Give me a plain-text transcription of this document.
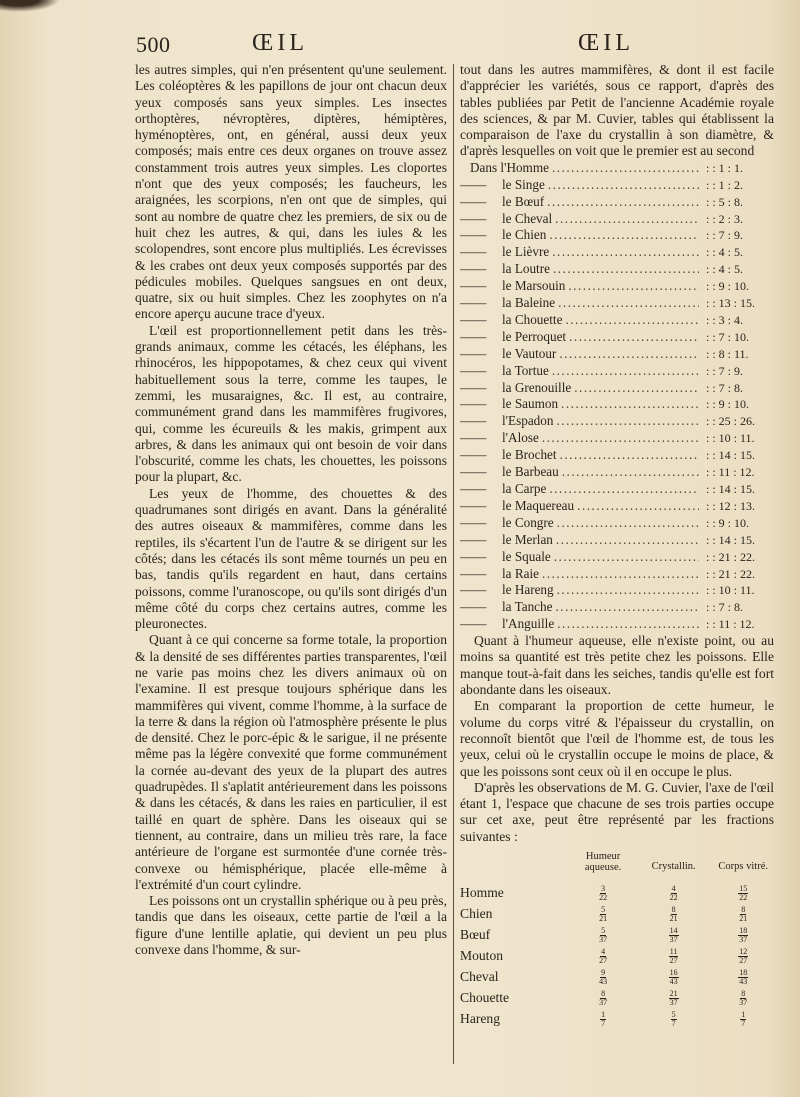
500	ŒIL	ŒIL

les autres simples, qui n'en présentent qu'une seulement. Les coléoptères & les papillons de jour ont chacun deux yeux composés sans yeux simples. Les insectes orthoptères, névroptères, diptères, hémiptères, hyménoptères, ont, en général, aussi deux yeux composés; mais entre ces deux organes on trouve assez constamment trois autres yeux simples. Les cloportes n'ont que des yeux composés; les faucheurs, les araignées, les scorpions, n'en ont que de simples, qui sont au nombre de quatre chez les premiers, de six ou de huit chez les autres, & qui, dans les iules & les scolopendres, sont encore plus multipliés. Les écrevisses & les crabes ont deux yeux composés supportés par des pédicules mobiles. Quelques sangsues en ont deux, quatre, six ou huit simples. Chez les zoophytes on n'a encore aperçu aucune trace d'yeux.

L'œil est proportionnellement petit dans les très-grands animaux, comme les cétacés, les éléphans, les rhinocéros, les hippopotames, & chez ceux qui vivent habituellement sous la terre, comme les taupes, le zemmi, les musaraignes, &c. Il est, au contraire, communément grand dans les mammifères frugivores, qui, comme les écureuils & les makis, grimpent aux arbres, & dans les animaux qui ont besoin de voir dans l'obscurité, comme les chats, les chouettes, les poissons pour la plupart, &c.

Les yeux de l'homme, des chouettes & des quadrumanes sont dirigés en avant. Dans la généralité des autres oiseaux & mammifères, comme dans les reptiles, ils s'écartent l'un de l'autre & se dirigent sur les côtés; dans les cétacés ils sont même tournés un peu en bas, tandis qu'ils regardent en haut, dans certains poissons, comme l'uranoscope, ou qu'ils sont dirigés d'un même côté du corps chez certains autres, comme les pleuronectes.

Quant à ce qui concerne sa forme totale, la proportion & la densité de ses différentes parties transparentes, l'œil ne varie pas moins chez les divers animaux où on l'examine. Il est presque toujours sphérique dans les mammifères qui vivent, comme l'homme, à la surface de la terre & dans la région où l'atmosphère présente le plus de densité. Chez le porc-épic & le sarigue, il ne présente même pas la légère convexité que forme communément la cornée au-devant des yeux de la plupart des autres quadrupèdes. Il s'aplatit antérieurement dans les poissons & dans les cétacés, & dans les raies en particulier, il est taillé en quart de sphère. Dans les oiseaux qui se tiennent, au contraire, dans un milieu très rare, la face antérieure de l'organe est surmontée d'une cornée très-convexe ou hémisphérique, placée elle-même à l'extrémité d'un court cylindre.

Les poissons ont un crystallin sphérique ou à peu près, tandis que dans les oiseaux, cette partie de l'œil a la figure d'une lentille aplatie, qui devient un peu plus convexe dans l'homme, & sur-

tout dans les autres mammifères, & dont il est facile d'apprécier les variétés, sous ce rapport, d'après des tables publiées par Petit de l'ancienne Académie royale des sciences, & par M. Cuvier, tables qui établissent la comparaison de l'axe du crystallin à son diamètre, & d'après lesquelles on voit que le premier est au second

Dans l'Homme .....	: : 1 : 1.
——	le Singe .....	: : 1 : 2.
——	le Bœuf .....	: : 5 : 8.
——	le Cheval .....	: : 2 : 3.
——	le Chien .....	: : 7 : 9.
——	le Lièvre .....	: : 4 : 5.
——	la Loutre .....	: : 4 : 5.
——	le Marsouin .....	: : 9 : 10.
——	la Baleine .....	: : 13 : 15.
——	la Chouette .....	: : 3 : 4.
——	le Perroquet .....	: : 7 : 10.
——	le Vautour .....	: : 8 : 11.
——	la Tortue .....	: : 7 : 9.
——	la Grenouille .....	: : 7 : 8.
——	le Saumon .....	: : 9 : 10.
——	l'Espadon .....	: : 25 : 26.
——	l'Alose .....	: : 10 : 11.
——	le Brochet .....	: : 14 : 15.
——	le Barbeau .....	: : 11 : 12.
——	la Carpe .....	: : 14 : 15.
——	le Maquereau .....	: : 12 : 13.
——	le Congre .....	: : 9 : 10.
——	le Merlan .....	: : 14 : 15.
——	le Squale .....	: : 21 : 22.
——	la Raie .....	: : 21 : 22.
——	le Hareng .....	: : 10 : 11.
——	la Tanche .....	: : 7 : 8.
——	l'Anguille .....	: : 11 : 12.

Quant à l'humeur aqueuse, elle n'existe point, ou au moins sa quantité est très petite chez les poissons. Elle manque tout-à-fait dans les seiches, tandis qu'elle est fort abondante dans les oiseaux.

En comparant la proportion de cette humeur, le volume du corps vitré & l'épaisseur du crystallin, on reconnoît bientôt que l'œil de l'homme est, de tous les yeux, celui où le crystallin occupe le moins de place, & que les poissons sont ceux où il en occupe le plus.

D'après les observations de M. G. Cuvier, l'axe de l'œil étant 1, l'espace que chacune de ses trois parties occupe sur cet axe, peut être représenté par les fractions suivantes :

Humeur aqueuse.	Crystallin.	Corps vitré.
Homme	$\frac{3}{22}$	$\frac{4}{22}$	$\frac{15}{22}$
Chien	$\frac{5}{21}$	$\frac{8}{21}$	$\frac{8}{21}$
Bœuf	$\frac{5}{37}$	$\frac{14}{37}$	$\frac{18}{37}$
Mouton	$\frac{4}{27}$	$\frac{11}{27}$	$\frac{12}{27}$
Cheval	$\frac{9}{43}$	$\frac{16}{43}$	$\frac{18}{43}$
Chouette	$\frac{8}{37}$	$\frac{21}{37}$	$\frac{8}{37}$
Hareng	$\frac{1}{7}$	$\frac{5}{7}$	$\frac{1}{7}$
